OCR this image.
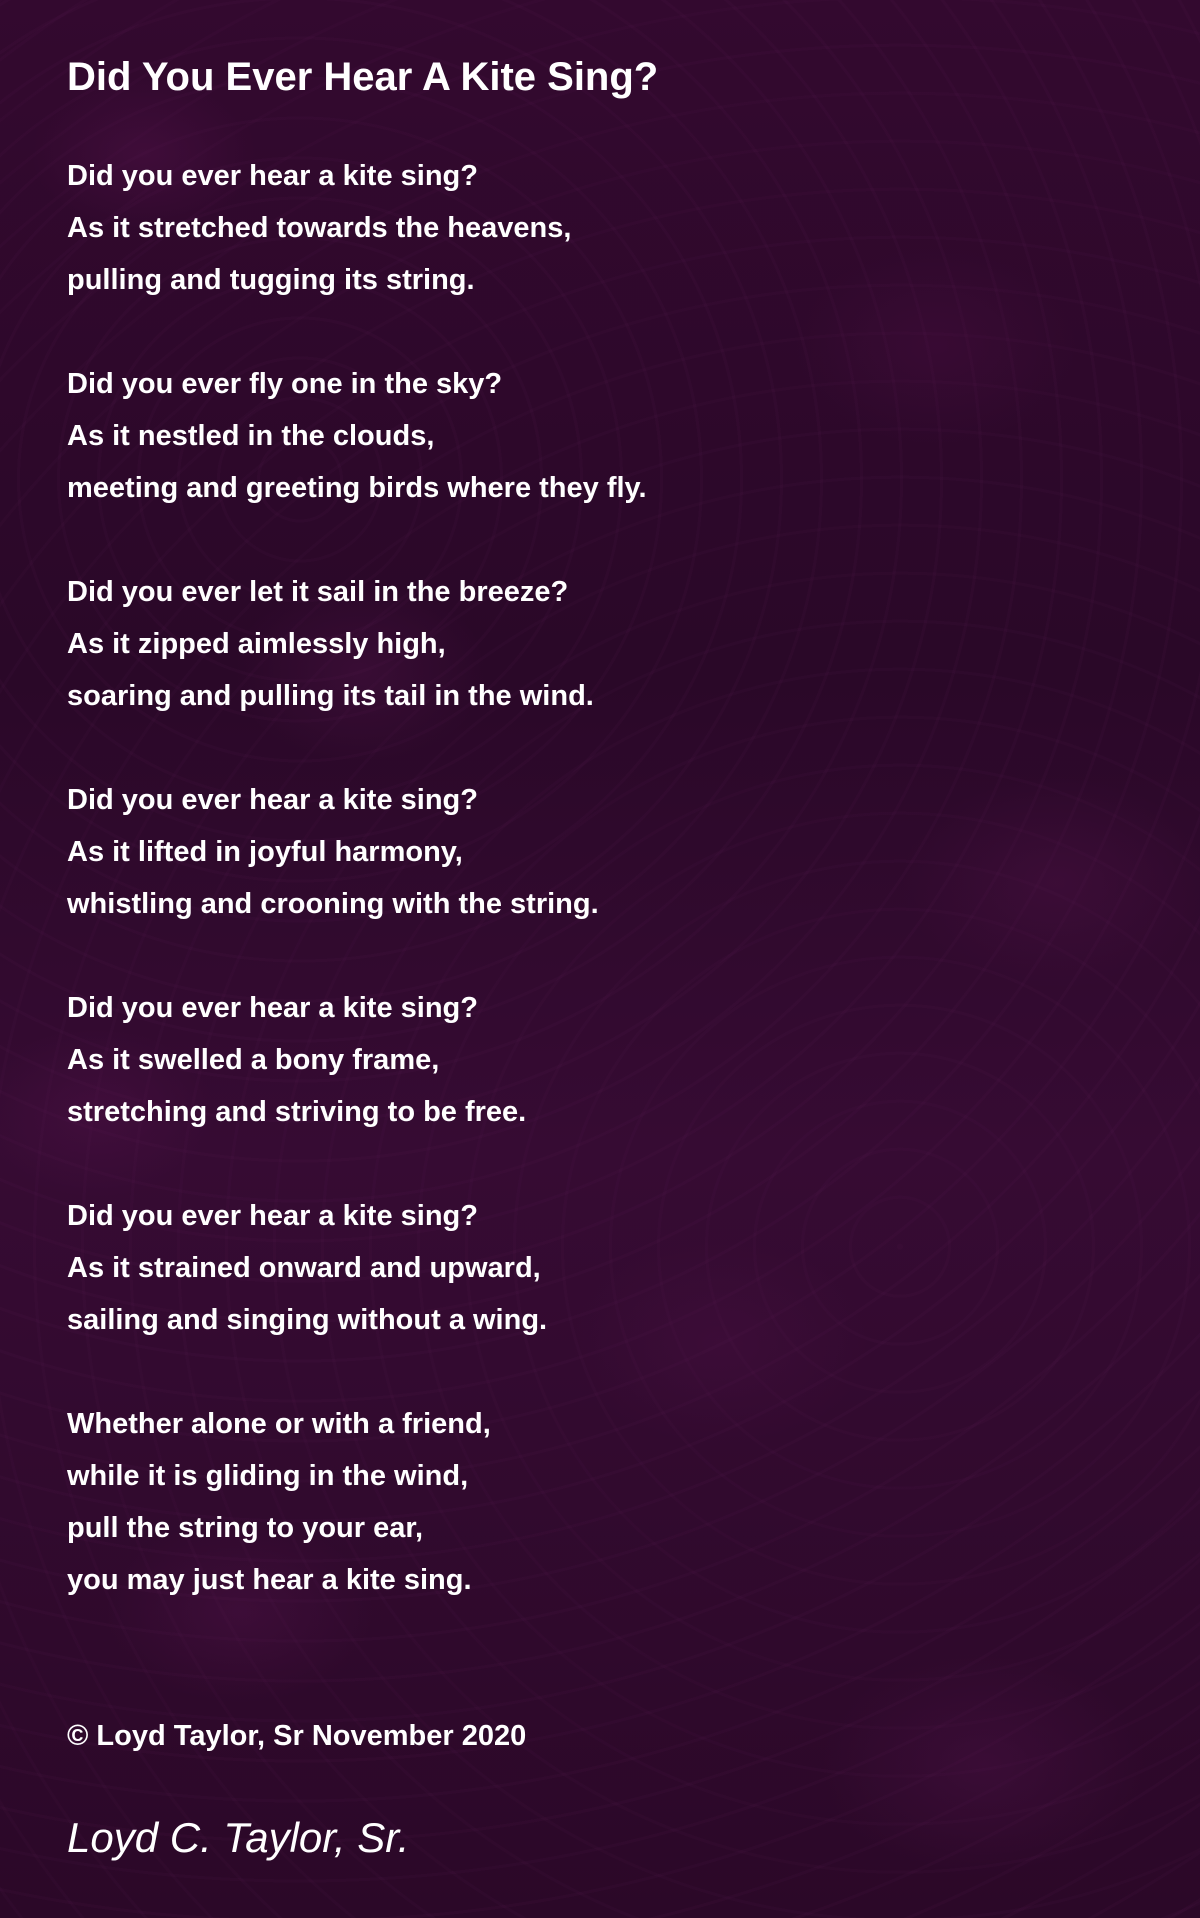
Did You Ever Hear A Kite Sing?
Did you ever hear a kite sing?
As it stretched towards the heavens,
pulling and tugging its string.
Did you ever fly one in the sky?
As it nestled in the clouds,
meeting and greeting birds where they fly.
Did you ever let it sail in the breeze?
As it zipped aimlessly high,
soaring and pulling its tail in the wind.
Did you ever hear a kite sing?
As it lifted in joyful harmony,
whistling and crooning with the string.
Did you ever hear a kite sing?
As it swelled a bony frame,
stretching and striving to be free.
Did you ever hear a kite sing?
As it strained onward and upward,
sailing and singing without a wing.
Whether alone or with a friend,
while it is gliding in the wind,
pull the string to your ear,
you may just hear a kite sing.
© Loyd Taylor, Sr November 2020
Loyd C. Taylor, Sr.
